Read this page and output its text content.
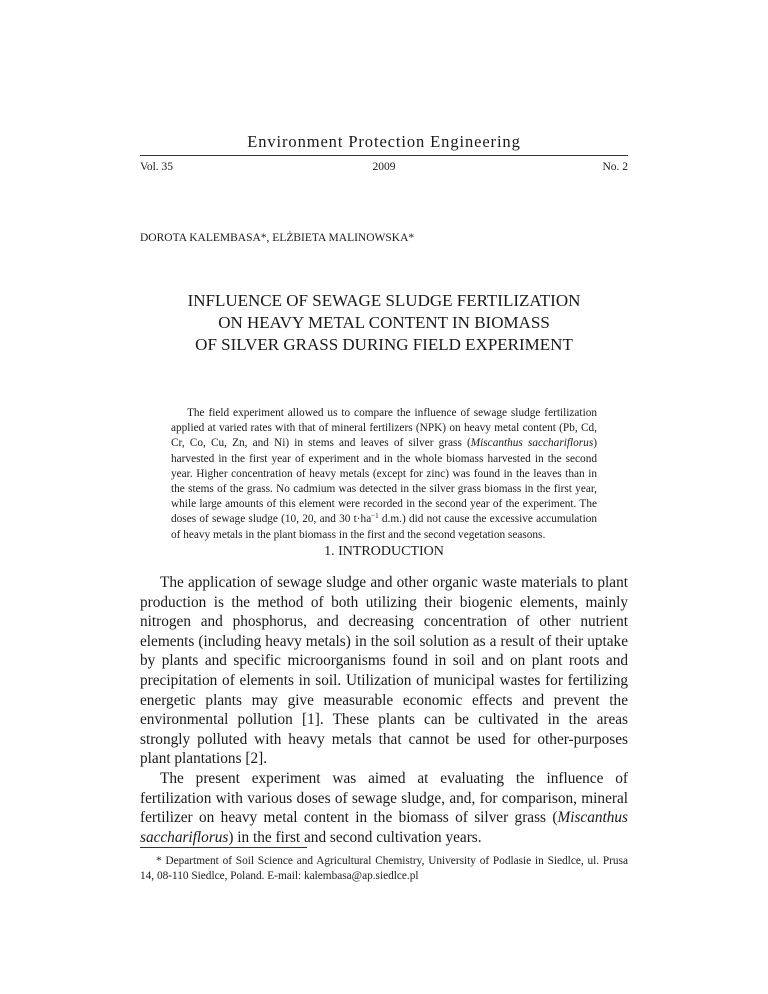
Environment Protection Engineering
2009
Vol. 35	No. 2
DOROTA KALEMBASA*, ELŻBIETA MALINOWSKA*
INFLUENCE OF SEWAGE SLUDGE FERTILIZATION
ON HEAVY METAL CONTENT IN BIOMASS
OF SILVER GRASS DURING FIELD EXPERIMENT
The field experiment allowed us to compare the influence of sewage sludge fertilization applied at varied rates with that of mineral fertilizers (NPK) on heavy metal content (Pb, Cd, Cr, Co, Cu, Zn, and Ni) in stems and leaves of silver grass (Miscanthus sacchariflorus) harvested in the first year of experiment and in the whole biomass harvested in the second year. Higher concentration of heavy metals (except for zinc) was found in the leaves than in the stems of the grass. No cadmium was detected in the silver grass biomass in the first year, while large amounts of this element were recorded in the second year of the experiment. The doses of sewage sludge (10, 20, and 30 $t\cdot ha^{-1}$ d.m.) did not cause the excessive accumulation of heavy metals in the plant biomass in the first and the second vegetation seasons.
1. INTRODUCTION

The application of sewage sludge and other organic waste materials to plant production is the method of both utilizing their biogenic elements, mainly nitrogen and phosphorus, and decreasing concentration of other nutrient elements (including heavy metals) in the soil solution as a result of their uptake by plants and specific microorganisms found in soil and on plant roots and precipitation of elements in soil. Utilization of municipal wastes for fertilizing energetic plants may give measurable economic effects and prevent the environmental pollution [1]. These plants can be cultivated in the areas strongly polluted with heavy metals that cannot be used for other-purposes plant plantations [2].

The present experiment was aimed at evaluating the influence of fertilization with various doses of sewage sludge, and, for comparison, mineral fertilizer on heavy metal content in the biomass of silver grass (Miscanthus sacchariflorus) in the first and second cultivation years.

* Department of Soil Science and Agricultural Chemistry, University of Podlasie in Siedlce, ul. Prusa 14, 08-110 Siedlce, Poland. E-mail: kalembasa@ap.siedlce.pl
